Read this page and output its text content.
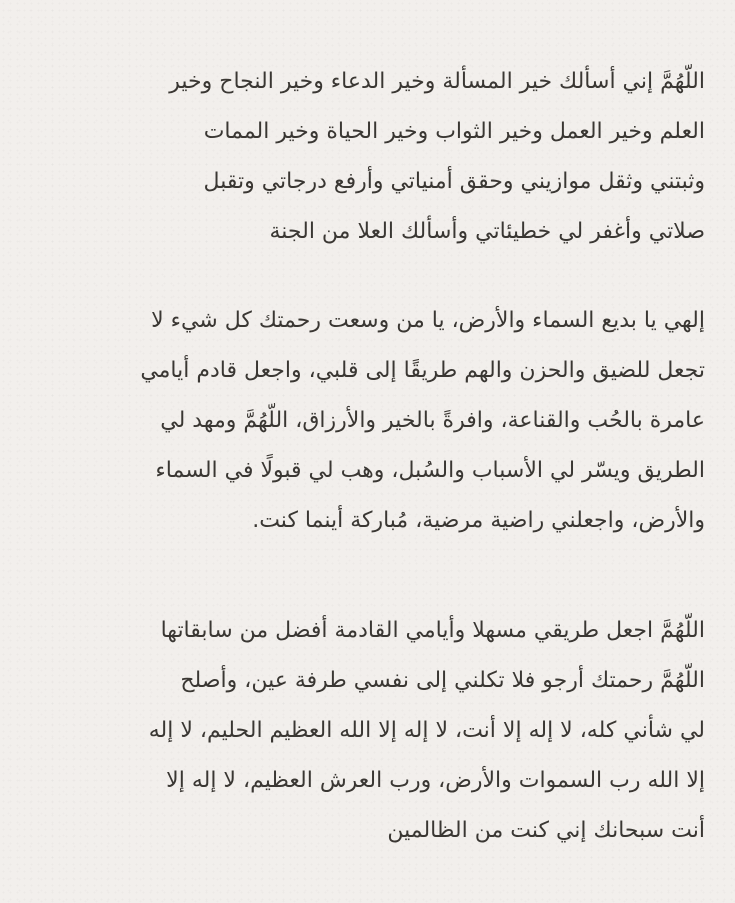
اللّهُمَّ إني أسألك خير المسألة وخير الدعاء وخير النجاح وخير
العلم وخير العمل وخير الثواب وخير الحياة وخير الممات
وثبتني وثقل موازيني وحقق أمنياتي وأرفع درجاتي وتقبل
صلاتي وأغفر لي خطيئاتي وأسألك العلا من الجنة
إلهي يا بديع السماء والأرض، يا من وسعت رحمتك كل شيء لا
تجعل للضيق والحزن والهم طريقًا إلى قلبي، واجعل قادم أيامي
عامرة بالحُب والقناعة، وافرةً بالخير والأرزاق، اللّهُمَّ ومهد لي
الطريق ويسّر لي الأسباب والسُبل، وهب لي قبولًا في السماء
والأرض، واجعلني راضية مرضية، مُباركة أينما كنت.
اللّهُمَّ اجعل طريقي مسهلا وأيامي القادمة أفضل من سابقاتها
اللّهُمَّ رحمتك أرجو فلا تكلني إلى نفسي طرفة عين، وأصلح
لي شأني كله، لا إله إلا أنت، لا إله إلا الله العظيم الحليم، لا إله
إلا الله رب السموات والأرض، ورب العرش العظيم، لا إله إلا
أنت سبحانك إني كنت من الظالمين
